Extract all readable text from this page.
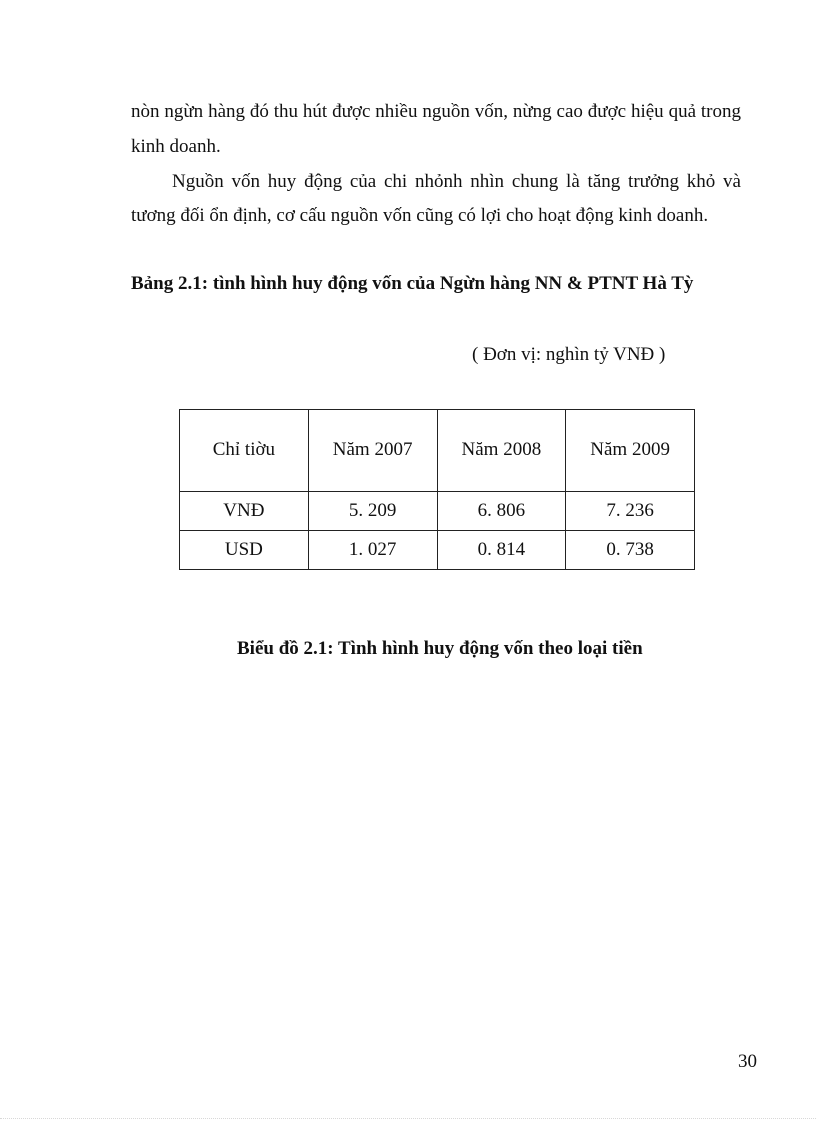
nòn ngừn hàng đó thu hút được nhiều nguồn vốn, nừng cao được hiệu quả trong
kinh doanh.
Nguồn vốn huy động của chi nhỏnh nhìn chung là tăng trưởng khỏ và
tương đối ổn định, cơ cấu nguồn vốn cũng có lợi cho hoạt động kinh doanh.
Bảng 2.1: tình hình huy động vốn của Ngừn hàng NN & PTNT Hà Tỳ
( Đơn vị: nghìn tỷ VNĐ )
Chỉ tiờu	Năm 2007	Năm 2008	Năm 2009
VNĐ	5. 209	6. 806	7. 236
USD	1. 027	0. 814	0. 738
Biểu đồ 2.1: Tình hình huy động vốn theo loại tiền
30
